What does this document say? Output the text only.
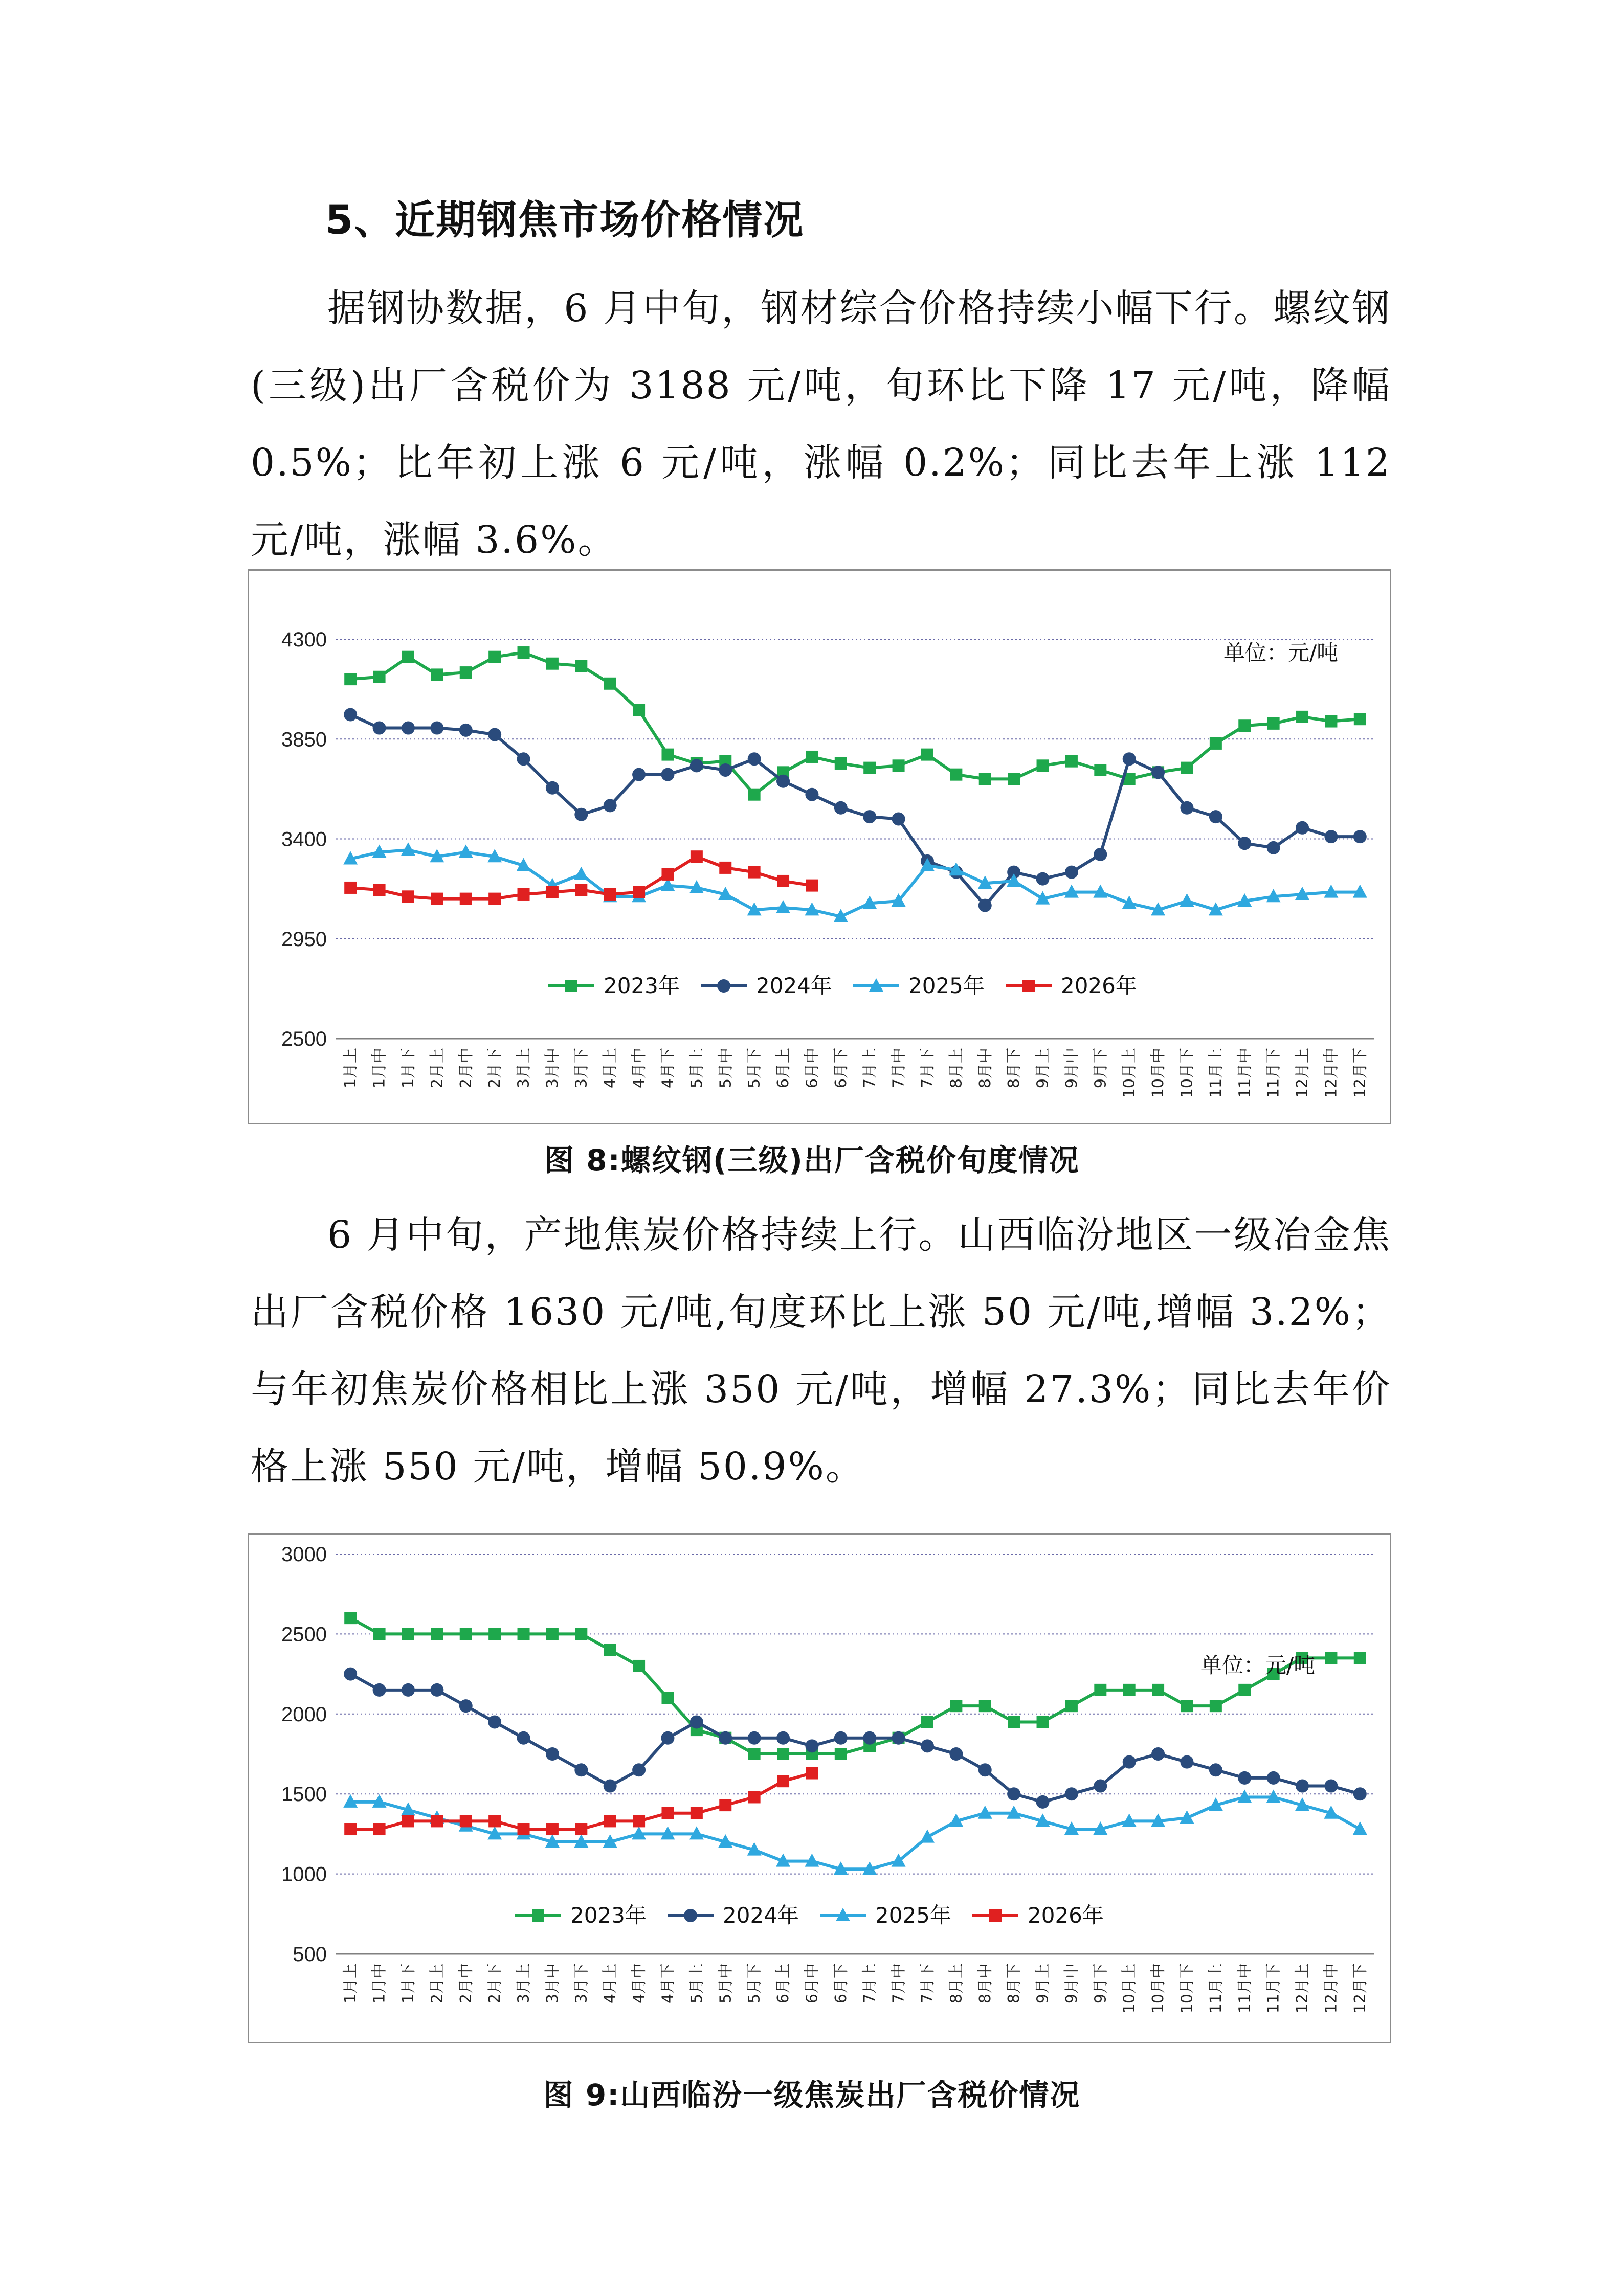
5、近期钢焦市场价格情况
据钢协数据，6 月中旬，钢材综合价格持续小幅下行。螺纹钢(三级)出厂含税价为 3188 元/吨，旬环比下降 17 元/吨，降幅 0.5%；比年初上涨 6 元/吨，涨幅 0.2%；同比去年上涨 112 元/吨，涨幅 3.6%。
4300
3850
3400
2950
2500
1月上 1月中 1月下 2月上 2月中 2月下 3月上 3月中 3月下 4月上 4月中 4月下 5月上 5月中 5月下 6月上 6月中 6月下 7月上 7月中 7月下 8月上 8月中 8月下 9月上 9月中 9月下 10月上 10月中 10月下 11月上 11月中 11月下 12月上 12月中 12月下
单位：元/吨
2023年	2024年	2025年	2026年
图 8:螺纹钢(三级)出厂含税价旬度情况
6 月中旬，产地焦炭价格持续上行。山西临汾地区一级冶金焦出厂含税价格 1630 元/吨,旬度环比上涨 50 元/吨,增幅 3.2%；与年初焦炭价格相比上涨 350 元/吨，增幅 27.3%；同比去年价格上涨 550 元/吨，增幅 50.9%。
3000
2500
2000
1500
1000
500
1月上 1月中 1月下 2月上 2月中 2月下 3月上 3月中 3月下 4月上 4月中 4月下 5月上 5月中 5月下 6月上 6月中 6月下 7月上 7月中 7月下 8月上 8月中 8月下 9月上 9月中 9月下 10月上 10月中 10月下 11月上 11月中 11月下 12月上 12月中 12月下
单位：元/吨
2023年	2024年	2025年	2026年
图 9:山西临汾一级焦炭出厂含税价情况
